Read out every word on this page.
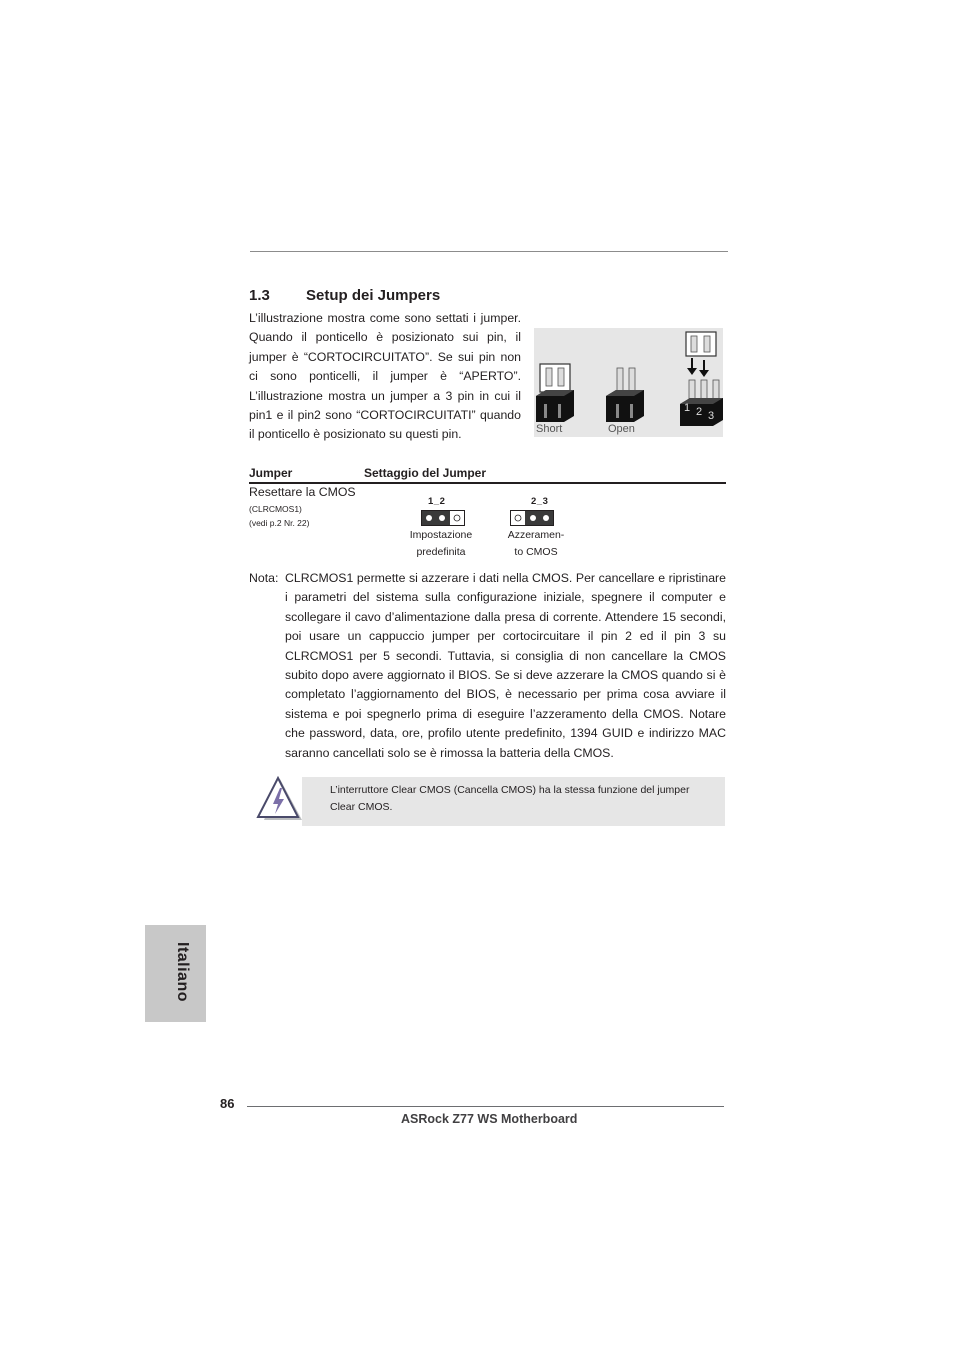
1.3 Setup dei Jumpers

L’illustrazione mostra come sono settati i jumper. Quando il ponticello è posizionato sui pin, il jumper è “CORTOCIRCUITATO”. Se sui pin non ci sono ponticelli, il jumper è “APERTO”. L’illustrazione mostra un jumper a 3 pin in cui il pin1 e il pin2 sono “CORTOCIRCUITATI” quando il ponticello è posizionato su questi pin.

1 2 3
Short	Open
Jumper	Settaggio del Jumper
Resettare la CMOS
(CLRCMOS1)
(vedi p.2 Nr. 22)
1_2
Impostazione
predefinita
2_3
Azzeramen-
to CMOS
Nota: CLRCMOS1 permette si azzerare i dati nella CMOS. Per cancellare e ripristinare i parametri del sistema sulla configurazione iniziale, spegnere il computer e scollegare il cavo d’alimentazione dalla presa di corrente. Attendere 15 secondi, poi usare un cappuccio jumper per cortocircuitare il pin 2 ed il pin 3 su CLRCMOS1 per 5 secondi. Tuttavia, si consiglia di non cancellare la CMOS subito dopo avere aggiornato il BIOS. Se si deve azzerare la CMOS quando si è completato l’aggiornamento del BIOS, è necessario per prima cosa avviare il sistema e poi spegnerlo prima di eseguire l’azzeramento della CMOS. Notare che password, data, ore, profilo utente predefinito, 1394 GUID e indirizzo MAC saranno cancellati solo se è rimossa la batteria della CMOS.

L’interruttore Clear CMOS (Cancella CMOS) ha la stessa funzione del jumper Clear CMOS.
Italiano
86
ASRock Z77 WS Motherboard
